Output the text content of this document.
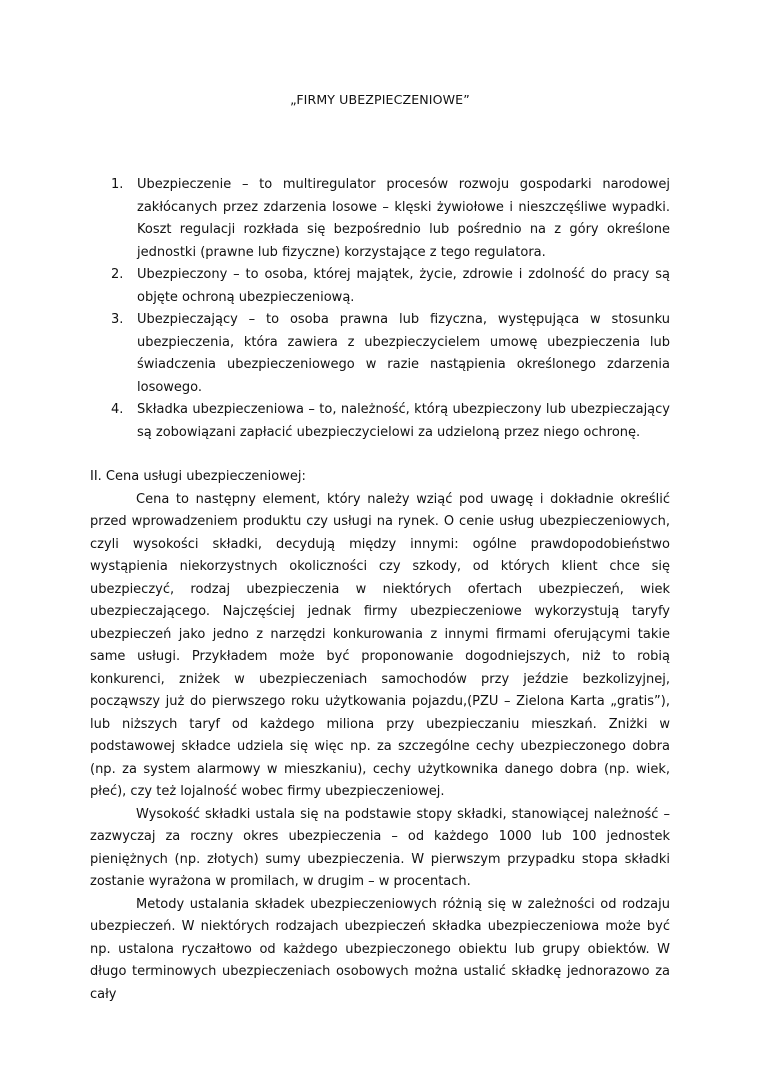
„FIRMY UBEZPIECZENIOWE”
1. Ubezpieczenie – to multiregulator procesów rozwoju gospodarki narodowej zakłócanych przez zdarzenia losowe – klęski żywiołowe i nieszczęśliwe wypadki. Koszt regulacji rozkłada się bezpośrednio lub pośrednio na z góry określone jednostki (prawne lub fizyczne) korzystające z tego regulatora.
2. Ubezpieczony – to osoba, której majątek, życie, zdrowie i zdolność do pracy są objęte ochroną ubezpieczeniową.
3. Ubezpieczający – to osoba prawna lub fizyczna, występująca w stosunku ubezpieczenia, która zawiera z ubezpieczycielem umowę ubezpieczenia lub świadczenia ubezpieczeniowego w razie nastąpienia określonego zdarzenia losowego.
4. Składka ubezpieczeniowa – to, należność, którą ubezpieczony lub ubezpieczający są zobowiązani zapłacić ubezpieczycielowi za udzieloną przez niego ochronę.
II. Cena usługi ubezpieczeniowej:

Cena to następny element, który należy wziąć pod uwagę i dokładnie określić przed wprowadzeniem produktu czy usługi na rynek. O cenie usług ubezpieczeniowych, czyli wysokości składki, decydują między innymi: ogólne prawdopodobieństwo wystąpienia niekorzystnych okoliczności czy szkody, od których klient chce się ubezpieczyć, rodzaj ubezpieczenia w niektórych ofertach ubezpieczeń, wiek ubezpieczającego. Najczęściej jednak firmy ubezpieczeniowe wykorzystują taryfy ubezpieczeń jako jedno z narzędzi konkurowania z innymi firmami oferującymi takie same usługi. Przykładem może być proponowanie dogodniejszych, niż to robią konkurenci, zniżek w ubezpieczeniach samochodów przy jeździe bezkolizyjnej, począwszy już do pierwszego roku użytkowania pojazdu,(PZU – Zielona Karta „gratis”), lub niższych taryf od każdego miliona przy ubezpieczaniu mieszkań. Zniżki w podstawowej składce udziela się więc np. za szczególne cechy ubezpieczonego dobra (np. za system alarmowy w mieszkaniu), cechy użytkownika danego dobra (np. wiek, płeć), czy też lojalność wobec firmy ubezpieczeniowej.

Wysokość składki ustala się na podstawie stopy składki, stanowiącej należność – zazwyczaj za roczny okres ubezpieczenia – od każdego 1000 lub 100 jednostek pieniężnych (np. złotych) sumy ubezpieczenia. W pierwszym przypadku stopa składki zostanie wyrażona w promilach, w drugim – w procentach.

Metody ustalania składek ubezpieczeniowych różnią się w zależności od rodzaju ubezpieczeń. W niektórych rodzajach ubezpieczeń składka ubezpieczeniowa może być np. ustalona ryczałtowo od każdego ubezpieczonego obiektu lub grupy obiektów. W długo terminowych ubezpieczeniach osobowych można ustalić składkę jednorazowo za cały
